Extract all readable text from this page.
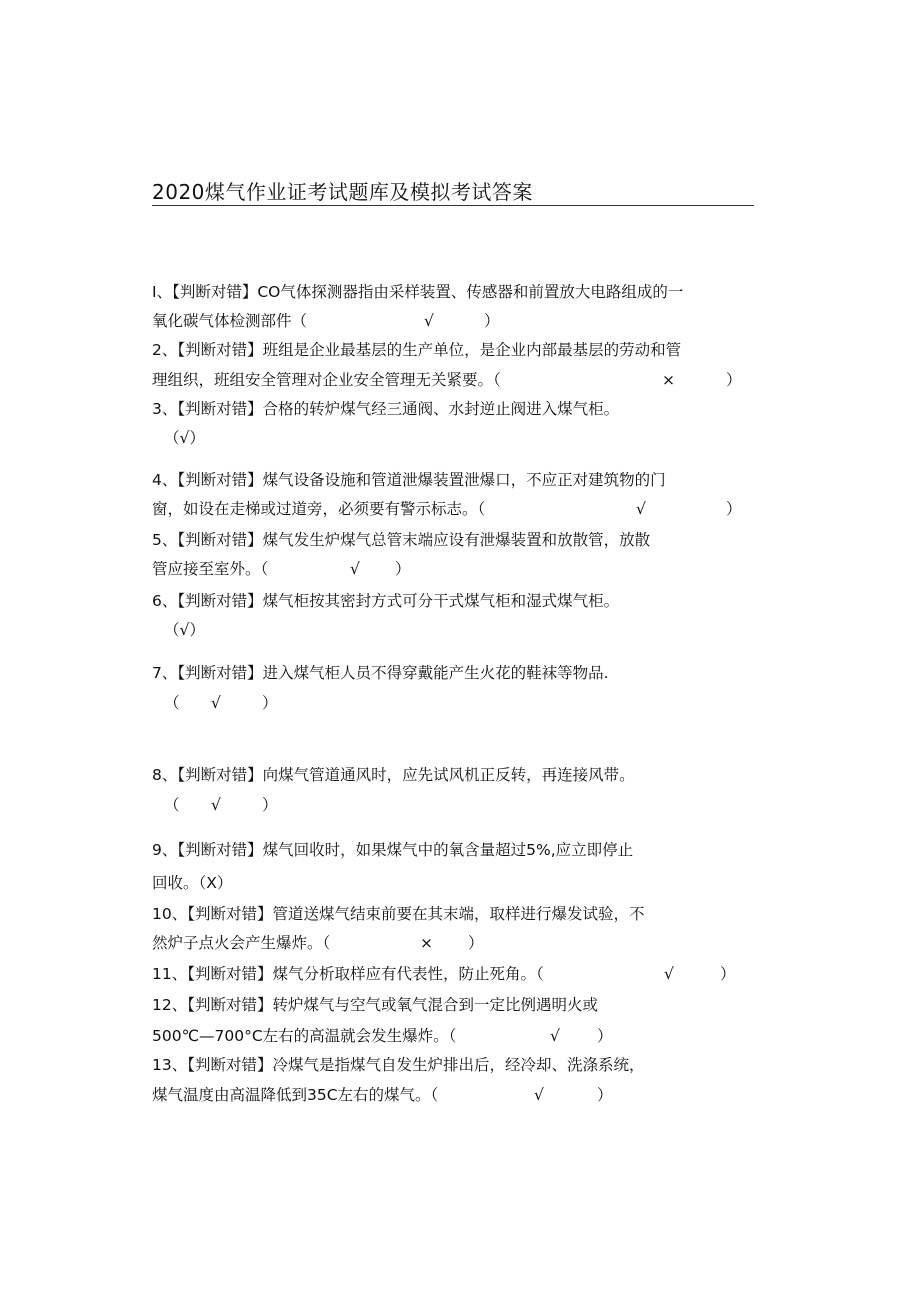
2020煤气作业证考试题库及模拟考试答案
I、【判断对错】CO气体探测器指由采样装置、传感器和前置放大电路组成的一
氧化碳气体检测部件（	√	）
2、【判断对错】班组是企业最基层的生产单位，是企业内部最基层的劳动和管
理组织，班组安全管理对企业安全管理无关紧要。（	×	）
3、【判断对错】合格的转炉煤气经三通阀、水封逆止阀进入煤气柜。
（√）
4、【判断对错】煤气设备设施和管道泄爆装置泄爆口，不应正对建筑物的门
窗，如设在走梯或过道旁，必须要有警示标志。（	√	）
5、【判断对错】煤气发生炉煤气总管末端应设有泄爆装置和放散管，放散
管应接至室外。（	√ ）
6、【判断对错】煤气柜按其密封方式可分干式煤气柜和湿式煤气柜。
（√）
7、【判断对错】进入煤气柜人员不得穿戴能产生火花的鞋袜等物品.
（ √	）
8、【判断对错】向煤气管道通风时，应先试风机正反转，再连接风带。
（ √	）
9、【判断对错】煤气回收时，如果煤气中的氧含量超过5%,应立即停止
回收。（X）
10、【判断对错】管道送煤气结束前要在其末端，取样进行爆发试验，不
然炉子点火会产生爆炸。（	× ）
11、【判断对错】煤气分析取样应有代表性，防止死角。（	√	）
12、【判断对错】转炉煤气与空气或氧气混合到一定比例遇明火或
500℃—700°C左右的高温就会发生爆炸。（	√ ）
13、【判断对错】冷煤气是指煤气自发生炉排出后，经冷却、洗涤系统，
煤气温度由高温降低到35C左右的煤气。（	√	）
